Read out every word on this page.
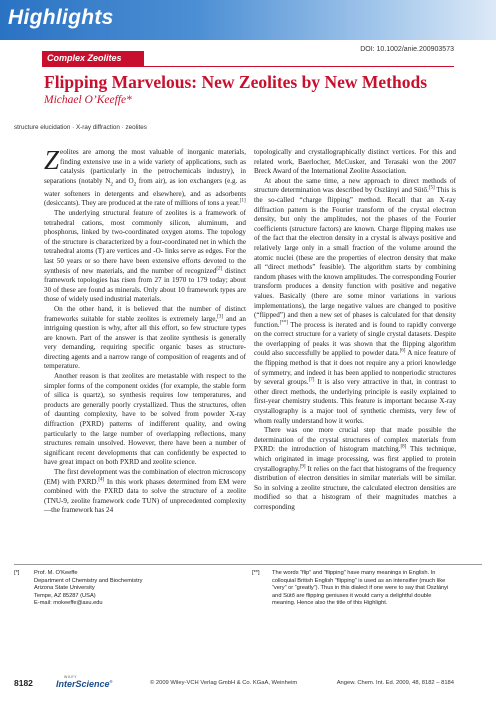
Highlights
Complex Zeolites
DOI: 10.1002/anie.200903573
Flipping Marvelous: New Zeolites by New Methods
Michael O’Keeffe*
structure elucidation · X-ray diffraction · zeolites

Zeolites are among the most valuable of inorganic materials, finding extensive use in a wide variety of applications, such as catalysis (particularly in the petrochemicals industry), in separations (notably $N_2$ and $O_2$ from air), as ion exchangers (e.g. as water softeners in detergents and elsewhere), and as adsorbents (desiccants). They are produced at the rate of millions of tons a year.[1]

The underlying structural feature of zeolites is a framework of tetrahedral cations, most commonly silicon, aluminum, and phosphorus, linked by two-coordinated oxygen atoms. The topology of the structure is characterized by a four-coordinated net in which the tetrahedral atoms (T) are vertices and -O- links serve as edges. For the last 50 years or so there have been extensive efforts devoted to the synthesis of new materials, and the number of recognized[2] distinct framework topologies has risen from 27 in 1970 to 179 today; about 30 of these are found as minerals. Only about 10 framework types are those of widely used industrial materials.

On the other hand, it is believed that the number of distinct frameworks suitable for stable zeolites is extremely large,[3] and an intriguing question is why, after all this effort, so few structure types are known. Part of the answer is that zeolite synthesis is generally very demanding, requiring specific organic bases as structure-directing agents and a narrow range of composition of reagents and of temperature.

Another reason is that zeolites are metastable with respect to the simpler forms of the component oxides (for example, the stable form of silica is quartz), so synthesis requires low temperatures, and products are generally poorly crystallized. Thus the structures, often of daunting complexity, have to be solved from powder X-ray diffraction (PXRD) patterns of indifferent quality, and owing particularly to the large number of overlapping reflections, many structures remain unsolved. However, there have been a number of significant recent developments that can confidently be expected to have great impact on both PXRD and zeolite science.

The first development was the combination of electron microscopy (EM) with PXRD.[4] In this work phases determined from EM were combined with the PXRD data to solve the structure of a zeolite (TNU-9, zeolite framework code TUN) of unprecedented complexity—the framework has 24

topologically and crystallographically distinct vertices. For this and related work, Baerlocher, McCusker, and Terasaki won the 2007 Breck Award of the International Zeolite Association.

At about the same time, a new approach to direct methods of structure determination was described by Oszlányi and Sütő.[5] This is the so-called “charge flipping” method. Recall that an X-ray diffraction pattern is the Fourier transform of the crystal electron density, but only the amplitudes, not the phases of the Fourier coefficients (structure factors) are known. Charge flipping makes use of the fact that the electron density in a crystal is always positive and relatively large only in a small fraction of the volume around the atomic nuclei (these are the properties of electron density that make all “direct methods” feasible). The algorithm starts by combining random phases with the known amplitudes. The corresponding Fourier transform produces a density function with positive and negative values. Basically (there are some minor variations in various implementations), the large negative values are changed to positive (“flipped”) and then a new set of phases is calculated for that density function.[**] The process is iterated and is found to rapidly converge on the correct structure for a variety of single crystal datasets. Despite the overlapping of peaks it was shown that the flipping algorithm could also successfully be applied to powder data.[6] A nice feature of the flipping method is that it does not require any a priori knowledge of symmetry, and indeed it has been applied to nonperiodic structures by several groups.[7] It is also very attractive in that, in contrast to other direct methods, the underlying principle is easily explained to first-year chemistry students. This feature is important because X-ray crystallography is a major tool of synthetic chemists, very few of whom really understand how it works.

There was one more crucial step that made possible the determination of the crystal structures of complex materials from PXRD: the introduction of histogram matching.[8] This technique, which originated in image processing, was first applied to protein crystallography.[9] It relies on the fact that histograms of the frequency distribution of electron densities in similar materials will be similar. So in solving a zeolite structure, the calculated electron densities are modified so that a histogram of their magnitudes matches a corresponding

[*]	Prof. M. O’Keeffe
Department of Chemistry and Biochemistry
Arizona State University
Tempe, AZ 85287 (USA)
E-mail: mokeeffe@asu.edu
[**]	The words “flip” and “flipping” have many meanings in English. In colloquial British English “flipping” is used as an intensifier (much like “very” or “greatly”). Thus in this dialect if one were to say that Oszlányi and Sütő are flipping geniuses it would carry a delightful double meaning. Hence also the title of this Highlight.
8182
WILEY
InterScience®	© 2009 Wiley-VCH Verlag GmbH & Co. KGaA, Weinheim	Angew. Chem. Int. Ed. 2009, 48, 8182 – 8184
